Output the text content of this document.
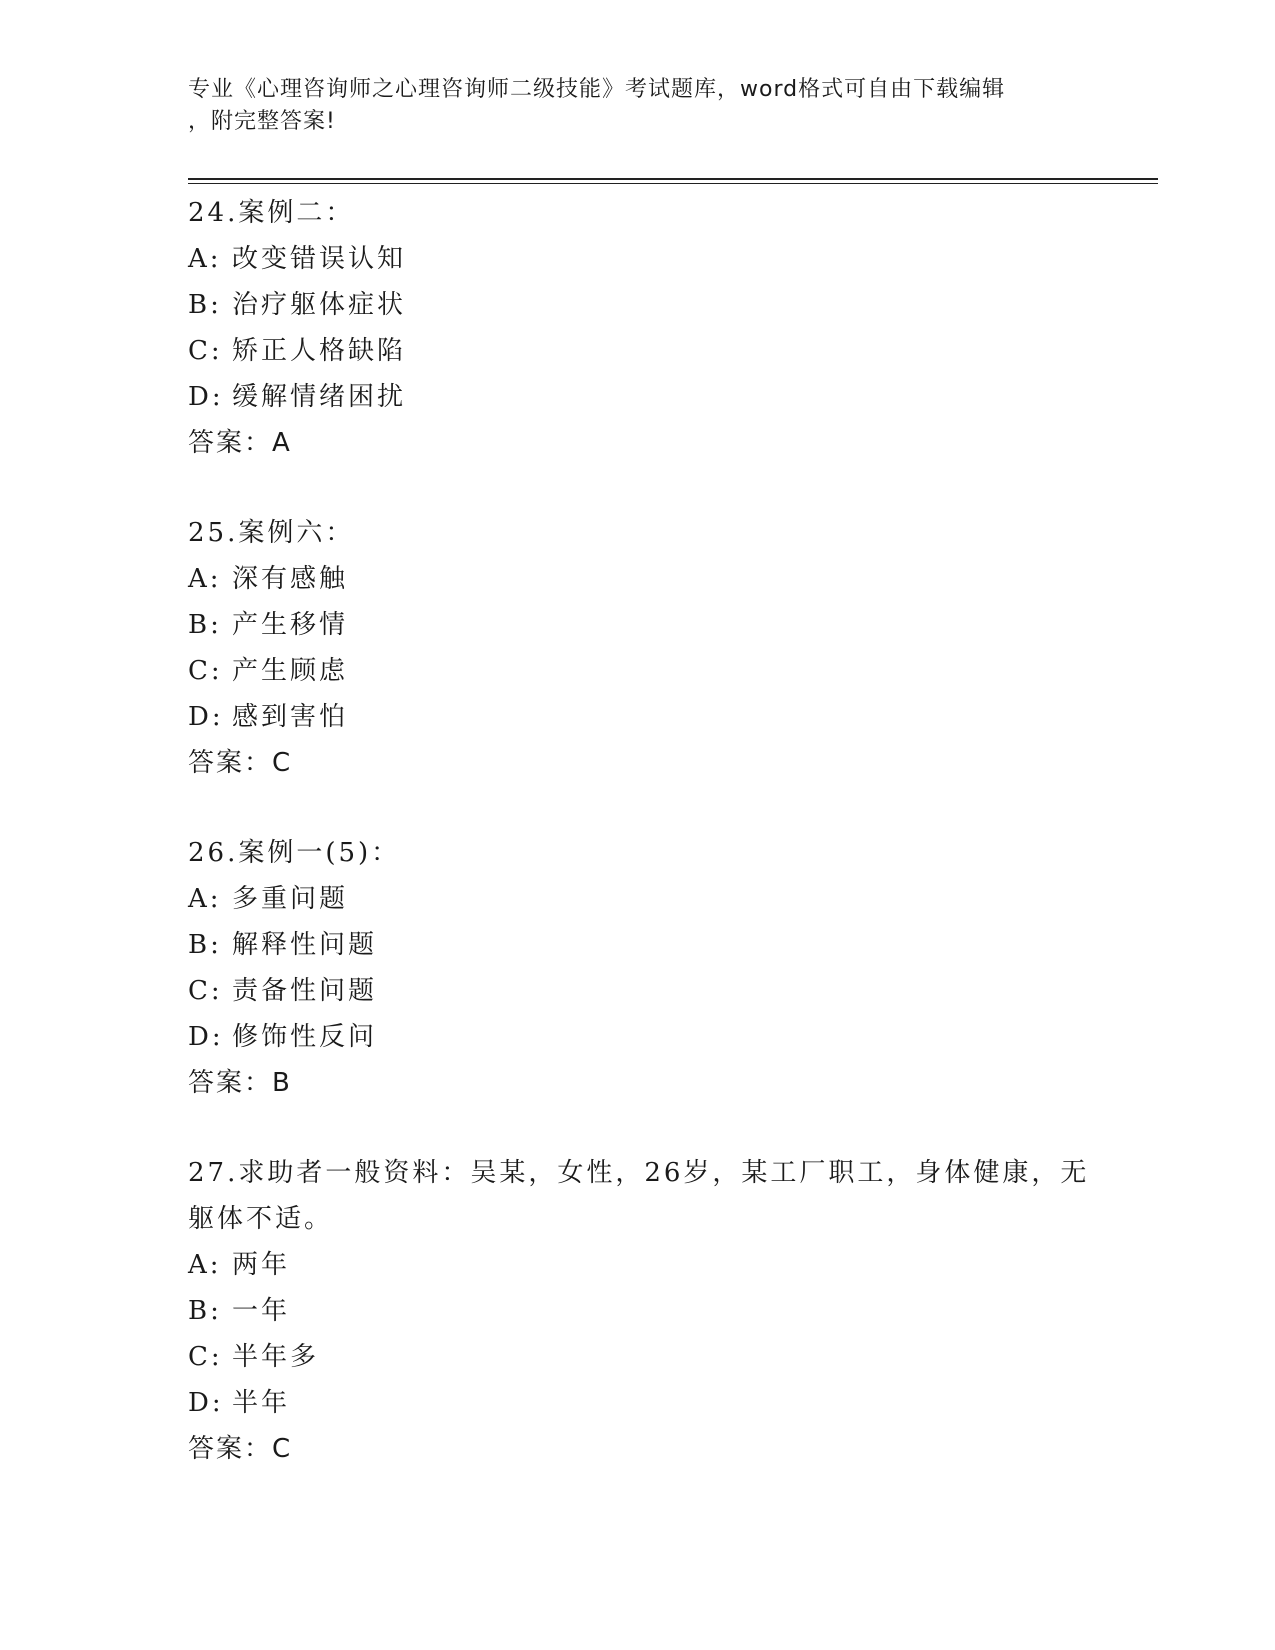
专业《心理咨询师之心理咨询师二级技能》考试题库，word格式可自由下载编辑
，附完整答案!
24.案例二：
A: 改变错误认知
B: 治疗躯体症状
C: 矫正人格缺陷
D: 缓解情绪困扰
答案：A
25.案例六：
A: 深有感触
B: 产生移情
C: 产生顾虑
D: 感到害怕
答案：C
26.案例一(5)：
A: 多重问题
B: 解释性问题
C: 责备性问题
D: 修饰性反问
答案：B
27.求助者一般资料：吴某，女性，26岁，某工厂职工，身体健康，无
躯体不适。
A: 两年
B: 一年
C: 半年多
D: 半年
答案：C
